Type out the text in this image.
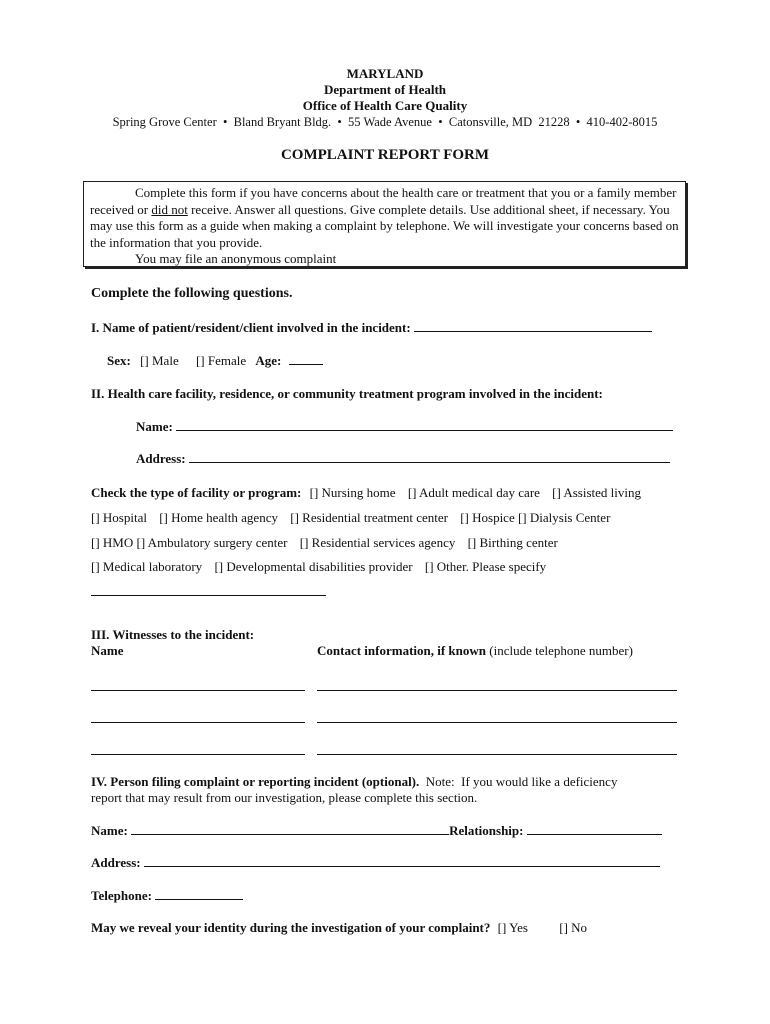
MARYLAND
Department of Health
Office of Health Care Quality
Spring Grove Center  •  Bland Bryant Bldg.  •  55 Wade Avenue  •  Catonsville, MD  21228  •  410-402-8015
COMPLAINT REPORT FORM

Complete this form if you have concerns about the health care or treatment that you or a family member received or did not receive. Answer all questions. Give complete details. Use additional sheet, if necessary. You may use this form as a guide when making a complaint by telephone. We will investigate your concerns based on the information that you provide.

You may file an anonymous complaint

Complete the following questions.
I. Name of patient/resident/client involved in the incident:
Sex: [] Male [] Female Age:
II. Health care facility, residence, or community treatment program involved in the incident:
Name:
Address:
Check the type of facility or program: [] Nursing home [] Adult medical day care [] Assisted living
[] Hospital [] Home health agency [] Residential treatment center [] Hospice [] Dialysis Center
[] HMO [] Ambulatory surgery center [] Residential services agency [] Birthing center
[] Medical laboratory [] Developmental disabilities provider [] Other. Please specify
III. Witnesses to the incident:
Name	Contact information, if known (include telephone number)
IV. Person filing complaint or reporting incident (optional).  Note:  If you would like a deficiency
report that may result from our investigation, please complete this section.
Name:	Relationship:
Address:
Telephone:
May we reveal your identity during the investigation of your complaint? [] Yes [] No
